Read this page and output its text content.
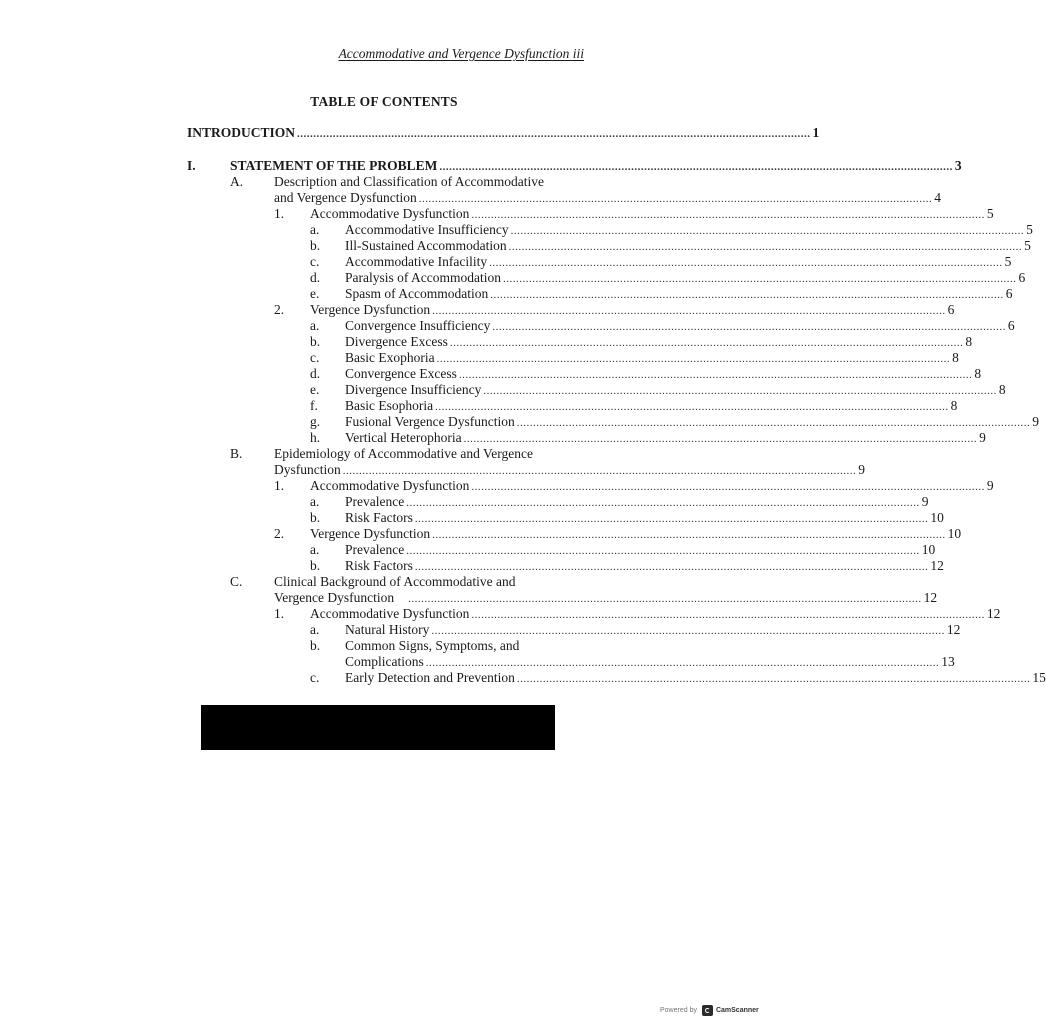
Accommodative and Vergence Dysfunction iii
TABLE OF CONTENTS
INTRODUCTION .............................................................................................................................................................. 1
I.	STATEMENT OF THE PROBLEM .............................................................................................................................................................. 3
A. Description and Classification of Accommodative
and Vergence Dysfunction .............................................................................................................................................................. 4
1. Accommodative Dysfunction .............................................................................................................................................................. 5
a. Accommodative Insufficiency .............................................................................................................................................................. 5
b. Ill-Sustained Accommodation .............................................................................................................................................................. 5
c. Accommodative Infacility .............................................................................................................................................................. 5
d. Paralysis of Accommodation .............................................................................................................................................................. 6
e. Spasm of Accommodation .............................................................................................................................................................. 6
2. Vergence Dysfunction .............................................................................................................................................................. 6
a. Convergence Insufficiency .............................................................................................................................................................. 6
b. Divergence Excess .............................................................................................................................................................. 8
c. Basic Exophoria .............................................................................................................................................................. 8
d. Convergence Excess .............................................................................................................................................................. 8
e. Divergence Insufficiency .............................................................................................................................................................. 8
f. Basic Esophoria .............................................................................................................................................................. 8
g. Fusional Vergence Dysfunction .............................................................................................................................................................. 9
h. Vertical Heterophoria .............................................................................................................................................................. 9
B. Epidemiology of Accommodative and Vergence
Dysfunction .............................................................................................................................................................. 9
1. Accommodative Dysfunction .............................................................................................................................................................. 9
a. Prevalence .............................................................................................................................................................. 9
b. Risk Factors .............................................................................................................................................................. 10
2. Vergence Dysfunction .............................................................................................................................................................. 10
a. Prevalence .............................................................................................................................................................. 10
b. Risk Factors .............................................................................................................................................................. 12
C. Clinical Background of Accommodative and
Vergence Dysfunction .............................................................................................................................................................. 12
1. Accommodative Dysfunction .............................................................................................................................................................. 12
a. Natural History .............................................................................................................................................................. 12
b. Common Signs, Symptoms, and
Complications .............................................................................................................................................................. 13
c. Early Detection and Prevention .............................................................................................................................................................. 15
Powered by	CamScanner
